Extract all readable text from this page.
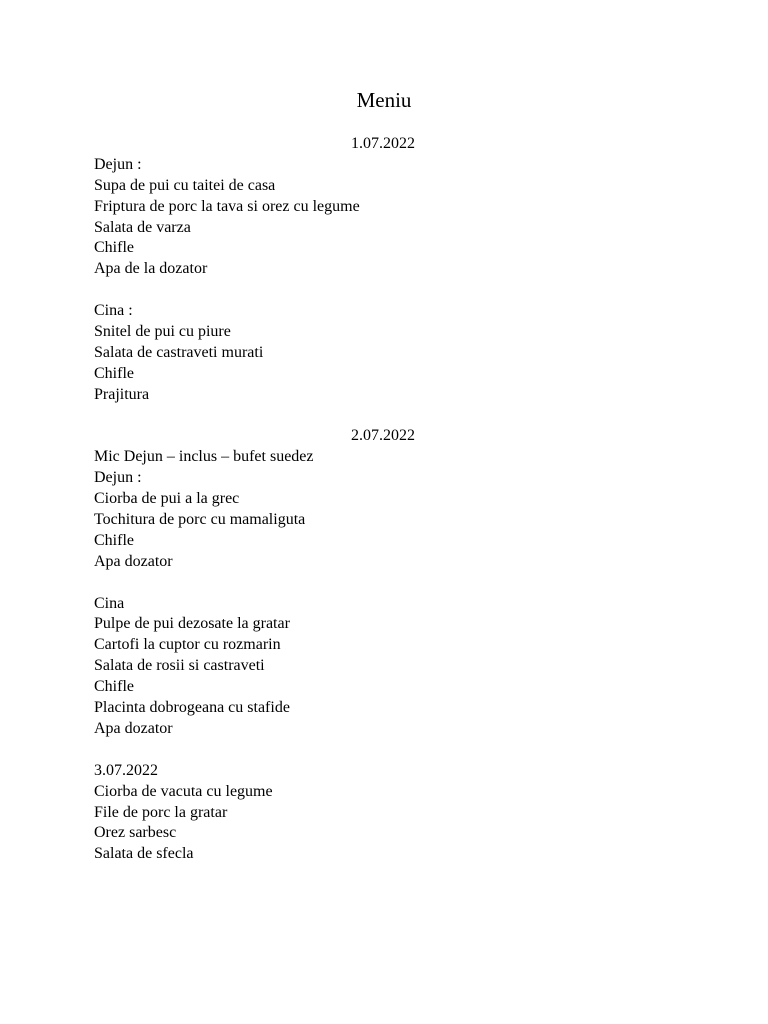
Meniu
1.07.2022
Dejun :
Supa de pui cu taitei de casa
Friptura de porc la tava si orez cu legume
Salata de varza
Chifle
Apa de la dozator
Cina :
Snitel de pui cu piure
Salata de castraveti murati
Chifle
Prajitura
2.07.2022
Mic Dejun – inclus – bufet suedez
Dejun :
Ciorba de pui a la grec
Tochitura de porc cu mamaliguta
Chifle
Apa dozator
Cina
Pulpe de pui dezosate la gratar
Cartofi la cuptor cu rozmarin
Salata de rosii si castraveti
Chifle
Placinta dobrogeana cu stafide
Apa dozator
3.07.2022
Ciorba de vacuta cu legume
File de porc la gratar
Orez sarbesc
Salata de sfecla
